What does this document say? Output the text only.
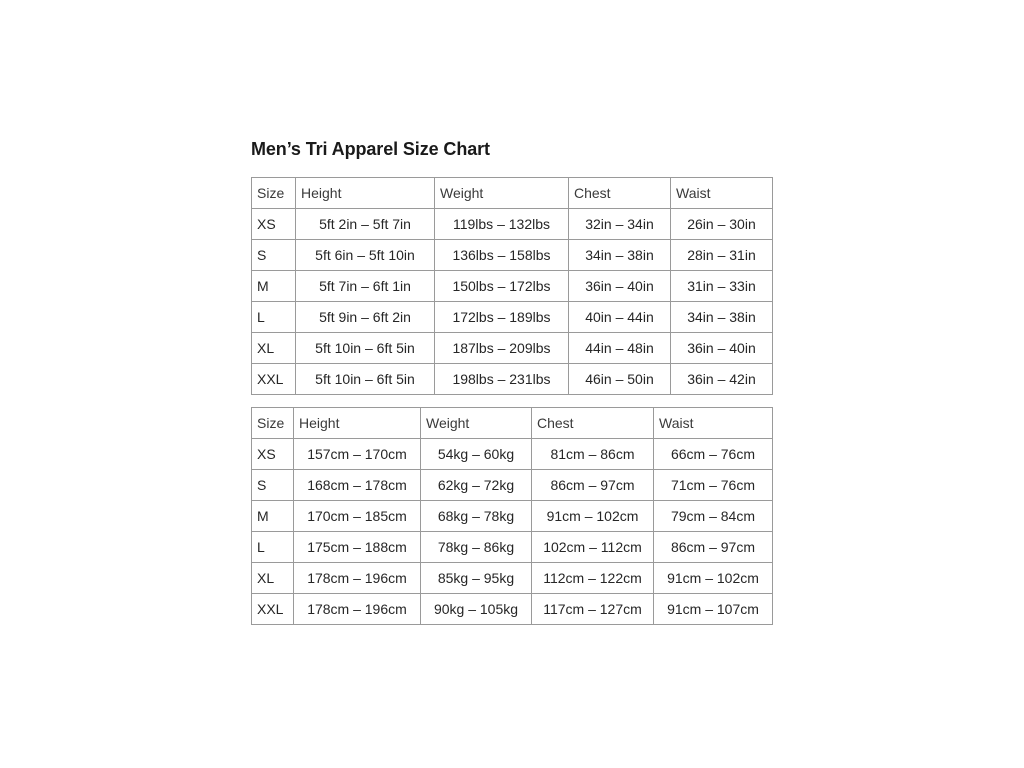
Men’s Tri Apparel Size Chart
Size	Height	Weight	Chest	Waist
XS	5ft 2in – 5ft 7in	119lbs – 132lbs	32in – 34in	26in – 30in
S	5ft 6in – 5ft 10in	136lbs – 158lbs	34in – 38in	28in – 31in
M	5ft 7in – 6ft 1in	150lbs – 172lbs	36in – 40in	31in – 33in
L	5ft 9in – 6ft 2in	172lbs – 189lbs	40in – 44in	34in – 38in
XL	5ft 10in – 6ft 5in	187lbs – 209lbs	44in – 48in	36in – 40in
XXL	5ft 10in – 6ft 5in	198lbs – 231lbs	46in – 50in	36in – 42in
Size	Height	Weight	Chest	Waist
XS	157cm – 170cm	54kg – 60kg	81cm – 86cm	66cm – 76cm
S	168cm – 178cm	62kg – 72kg	86cm – 97cm	71cm – 76cm
M	170cm – 185cm	68kg – 78kg	91cm – 102cm	79cm – 84cm
L	175cm – 188cm	78kg – 86kg	102cm – 112cm	86cm – 97cm
XL	178cm – 196cm	85kg – 95kg	112cm – 122cm	91cm – 102cm
XXL	178cm – 196cm	90kg – 105kg	117cm – 127cm	91cm – 107cm
